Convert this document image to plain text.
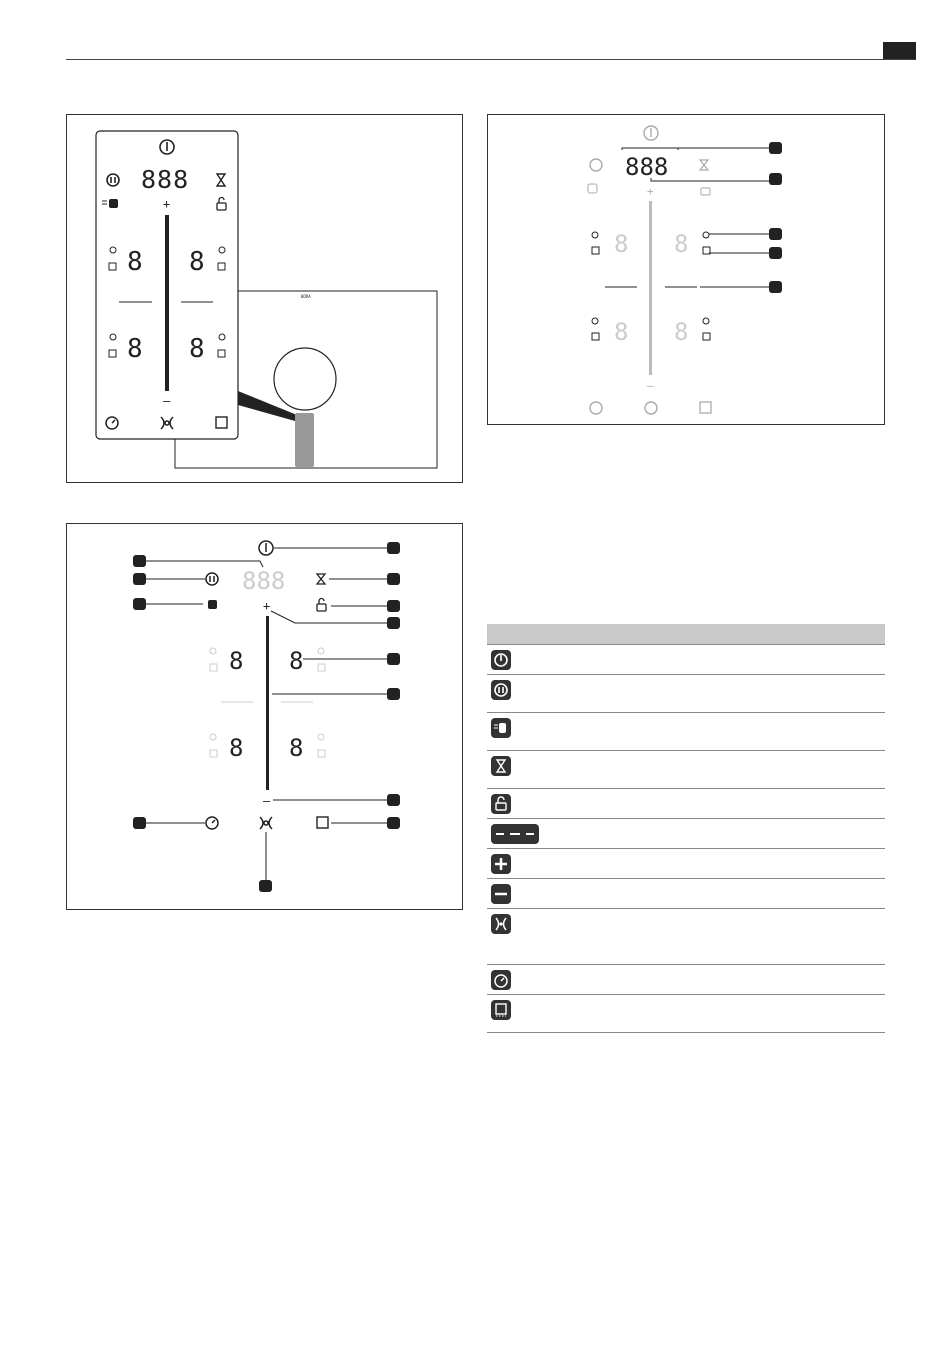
888
+
–
8 8
8 8
BORA
888
+
–
8 8
8 8
888
+
–
8 8
8 8
